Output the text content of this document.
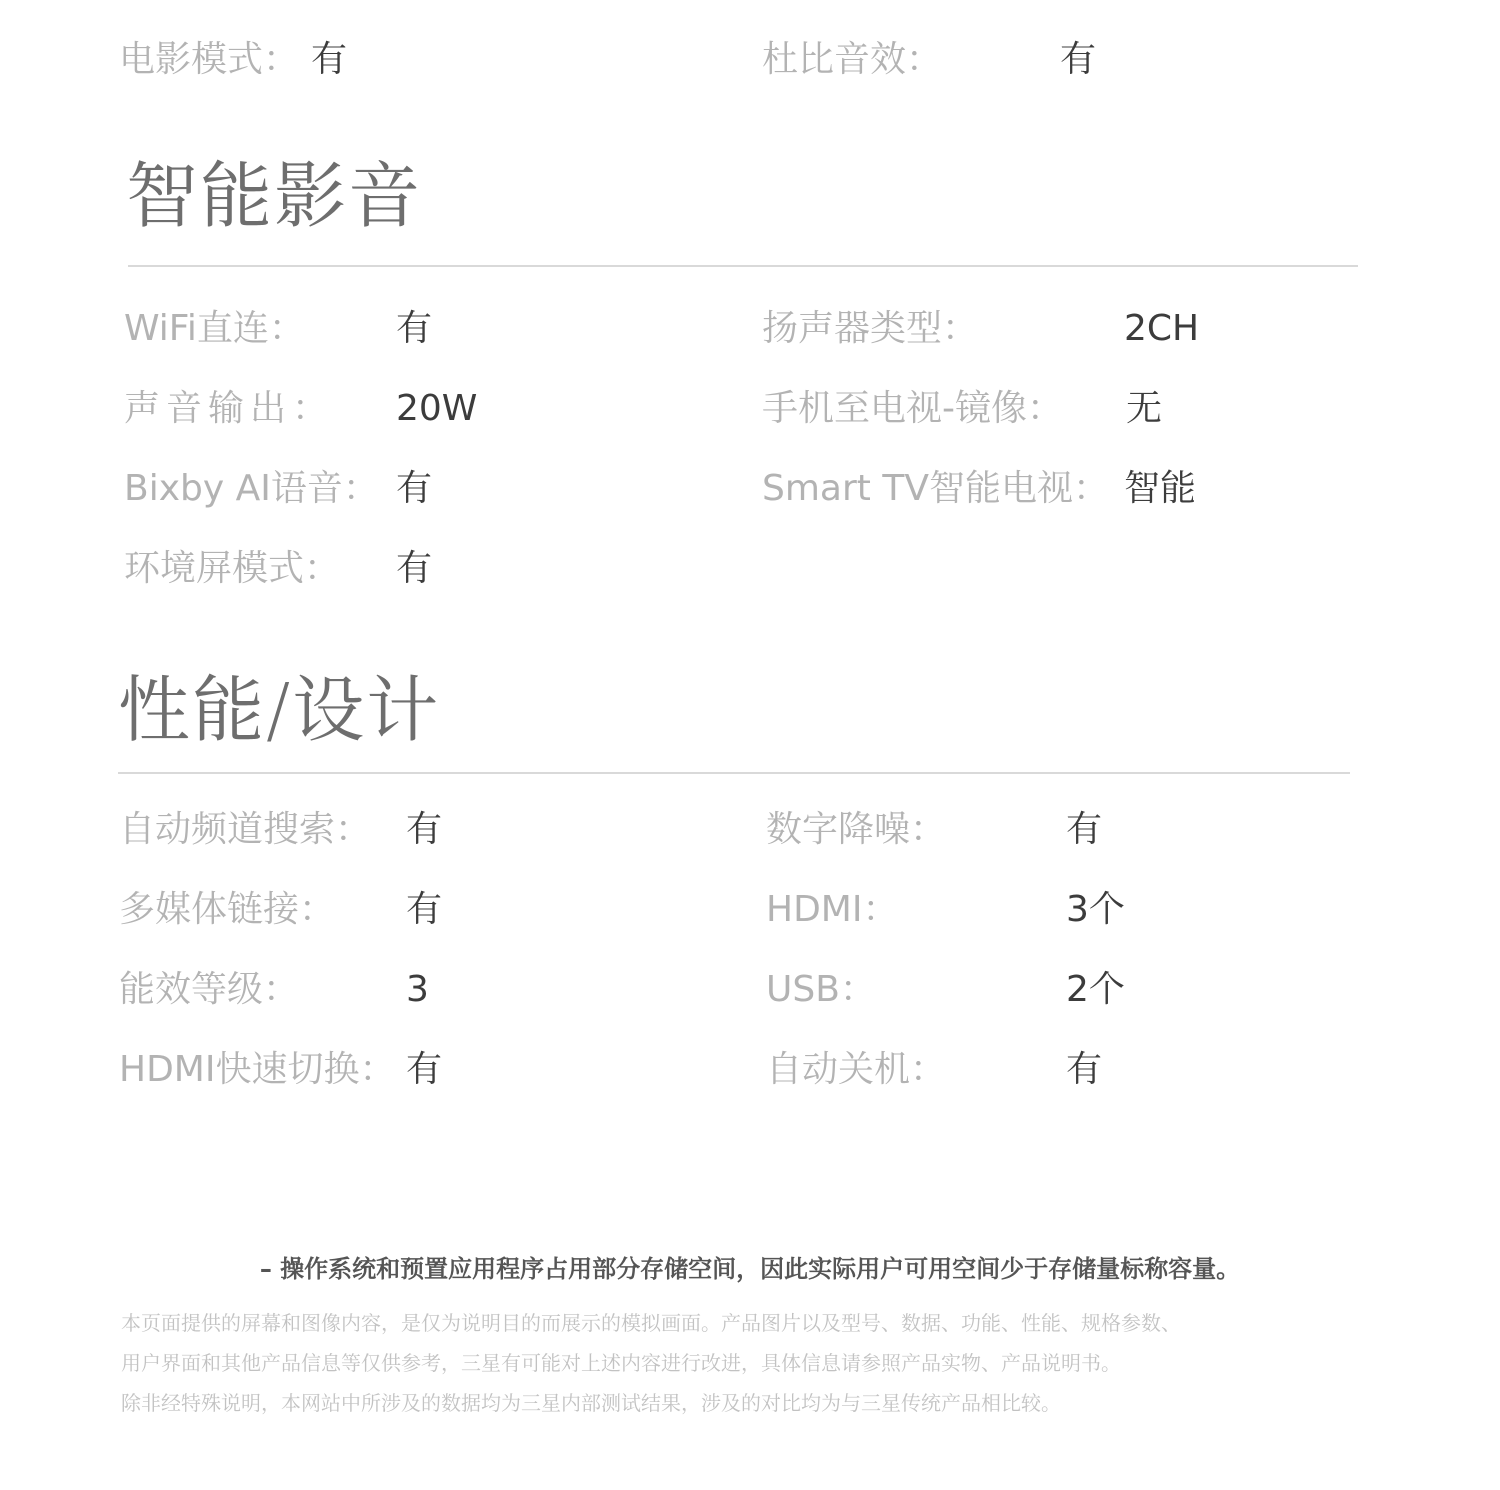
电影模式： 有	杜比音效：	有
智能影音
WiFi直连：	有	扬声器类型：	2CH
声音输出： 20W	手机至电视-镜像： 无
Bixby AI语音： 有	Smart TV智能电视： 智能
环境屏模式： 有
性能/设计
自动频道搜索： 有	数字降噪：	有
多媒体链接： 有	HDMI：	3个
能效等级：	3	USB：	2个
HDMI快速切换： 有	自动关机：	有
– 操作系统和预置应用程序占用部分存储空间，因此实际用户可用空间少于存储量标称容量。
本页面提供的屏幕和图像内容，是仅为说明目的而展示的模拟画面。产品图片以及型号、数据、功能、性能、规格参数、
用户界面和其他产品信息等仅供参考，三星有可能对上述内容进行改进，具体信息请参照产品实物、产品说明书。
除非经特殊说明，本网站中所涉及的数据均为三星内部测试结果，涉及的对比均为与三星传统产品相比较。
